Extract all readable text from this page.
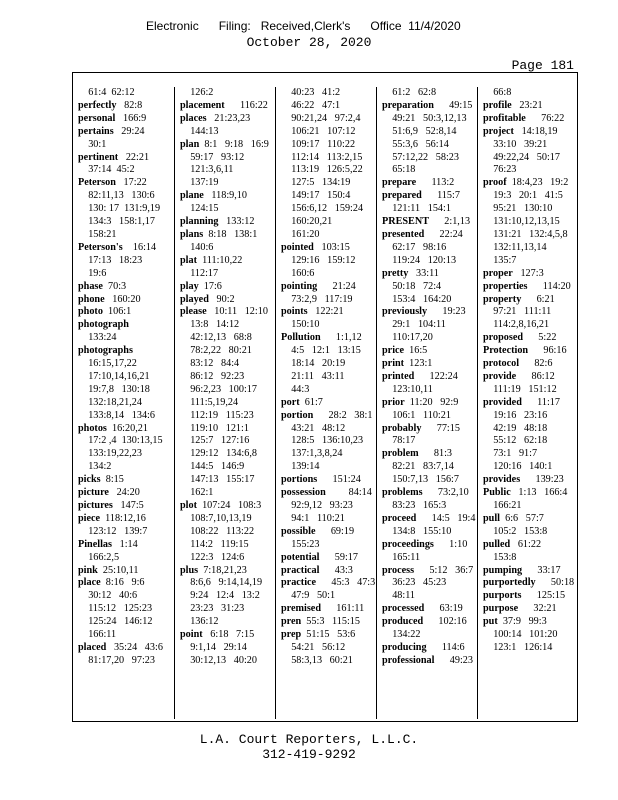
Electronic      Filing:   Received,Clerk's      Office  11/4/2020
October 28, 2020
Page 181
61:4  62:12
perfectly   82:8
personal   166:9
pertains   29:24
30:1
pertinent   22:21
37:14  45:2
Peterson   17:22
82:11,13   130:6
130: 17  131:9,19
134:3   158:1,17
158:21
Peterson's    16:14
17:13   18:23
19:6
phase  70:3
phone   160:20
photo  106:1
photograph
133:24
photographs
16:15,17,22
17:10,14,16,21
19:7,8   130:18
132:18,21,24
133:8,14   134:6
photos  16:20,21
17:2 ,4  130:13,15
133:19,22,23
134:2
picks  8:15
picture   24:20
pictures   147:5
piece  118:12,16
123:12   139:7
Pinellas   1:14
166:2,5
pink  25:10,11
place  8:16   9:6
30:12   40:6
115:12   125:23
125:24   146:12
166:11
placed   35:24   43:6
81:17,20   97:23
126:2
placement      116:22
places   21:23,23
144:13
plan  8:1   9:18   16:9
59:17   93:12
121:3,6,11
137:19
plane   118:9,10
124:15
planning   133:12
plans  8:18   138:1
140:6
plat  111:10,22
112:17
play  17:6
played   90:2
please   10:11   12:10
13:8   14:12
42:12,13   68:8
78:2,22   80:21
83:12   84:4
86:12   92:23
96:2,23   100:17
111:5,19,24
112:19   115:23
119:10   121:1
125:7   127:16
129:12   134:6,8
144:5   146:9
147:13   155:17
162:1
plot  107:24   108:3
108:7,10,13,19
108:22   113:22
114:2   119:15
122:3   124:6
plus  7:18,21,23
8:6,6   9:14,14,19
9:24   12:4   13:2
23:23   31:23
136:12
point   6:18   7:15
9:1,14   29:14
30:12,13   40:20
40:23   41:2
46:22   47:1
90:21,24   97:2,4
106:21   107:12
109:17   110:22
112:14   113:2,15
113:19   126:5,22
127:5   134:19
149:17   150:4
156:6,12   159:24
160:20,21
161:20
pointed   103:15
129:16   159:12
160:6
pointing      21:24
73:2,9   117:19
points   122:21
150:10
Pollution      1:1,12
4:5   12:1   13:15
18:14   20:19
21:11   43:11
44:3
port  61:7
portion      28:2   38:1
43:21   48:12
128:5   136:10,23
137:1,3,8,24
139:14
portions      151:24
possession         84:14
92:9,12   93:23
94:1   110:21
possible      69:19
155:23
potential      59:17
practical      43:3
practice      45:3   47:3
47:9   50:1
premised      161:11
pren  55:3   115:15
prep  51:15   53:6
54:21   56:12
58:3,13   60:21
61:2   62:8
preparation      49:15
49:21   50:3,12,13
51:6,9   52:8,14
55:3,6   56:14
57:12,22   58:23
65:18
prepare      113:2
prepared      115:7
121:11   154:1
PRESENT      2:1,13
presented      22:24
62:17   98:16
119:24   120:13
pretty   33:11
50:18   72:4
153:4   164:20
previously      19:23
29:1   104:11
110:17,20
price  16:5
print  123:1
printed      122:24
123:10,11
prior  11:20   92:9
106:1   110:21
probably      77:15
78:17
problem      81:3
82:21   83:7,14
150:7,13   156:7
problems      73:2,10
83:23   165:3
proceed      14:5   19:4
134:8   155:10
proceedings      1:10
165:11
process      5:12   36:7
36:23   45:23
48:11
processed      63:19
produced      102:16
134:22
producing      114:6
professional      49:23
66:8
profile   23:21
profitable      76:22
project   14:18,19
33:10   39:21
49:22,24   50:17
76:23
proof  18:4,23   19:2
19:3   20:1   41:5
95:21   130:10
131:10,12,13,15
131:21   132:4,5,8
132:11,13,14
135:7
proper   127:3
properties      114:20
property      6:21
97:21   111:11
114:2,8,16,21
proposed      5:22
Protection      96:16
protocol      82:6
provide      86:12
111:19   151:12
provided      11:17
19:16   23:16
42:19   48:18
55:12   62:18
73:1   91:7
120:16   140:1
provides      139:23
Public   1:13   166:4
166:21
pull  6:6   57:7
105:2   153:8
pulled   61:22
153:8
pumping      33:17
purportedly      50:18
purports      125:15
purpose      32:21
put  37:9   99:3
100:14   101:20
123:1   126:14
L.A. Court Reporters, L.L.C.
312-419-9292
